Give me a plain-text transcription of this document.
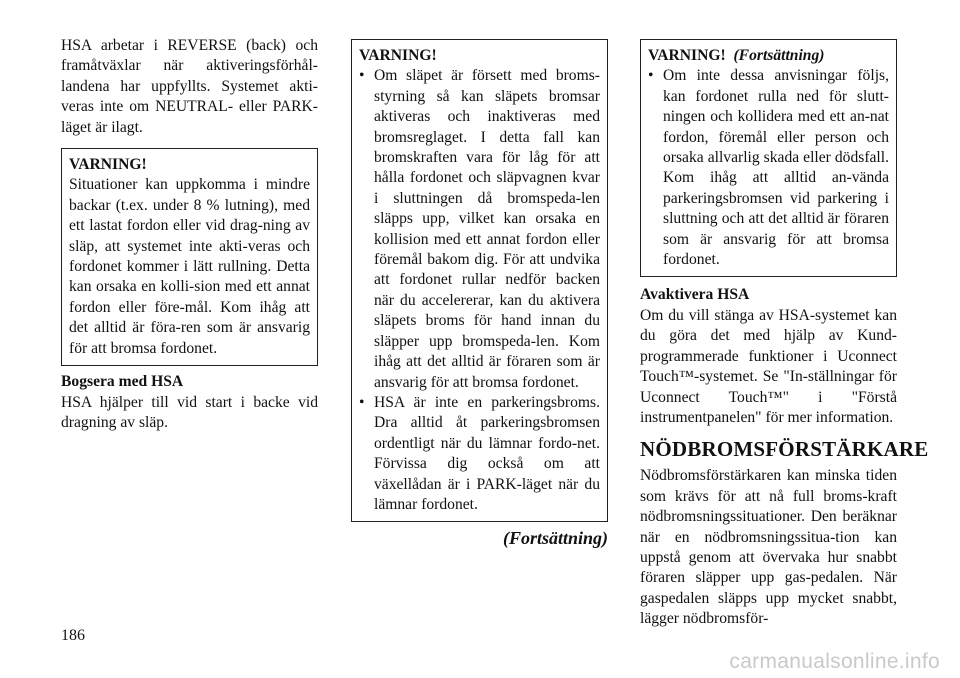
HSA arbetar i REVERSE (back) och framåtväxlar när aktiveringsförhål-landena har uppfyllts. Systemet akti-veras inte om NEUTRAL- eller PARK-läget är ilagt.

VARNING!

Situationer kan uppkomma i mindre backar (t.ex. under 8 % lutning), med ett lastat fordon eller vid drag-ning av släp, att systemet inte akti-veras och fordonet kommer i lätt rullning. Detta kan orsaka en kolli-sion med ett annat fordon eller före-mål. Kom ihåg att det alltid är föra-ren som är ansvarig för att bromsa fordonet.

Bogsera med HSA

HSA hjälper till vid start i backe vid dragning av släp.

VARNING!
• Om släpet är försett med broms-styrning så kan släpets bromsar aktiveras och inaktiveras med bromsreglaget. I detta fall kan bromskraften vara för låg för att hålla fordonet och släpvagnen kvar i sluttningen då bromspeda-len släpps upp, vilket kan orsaka en kollision med ett annat fordon eller föremål bakom dig. För att undvika att fordonet rullar nedför backen när du accelererar, kan du aktivera släpets broms för hand innan du släpper upp bromspeda-len. Kom ihåg att det alltid är föraren som är ansvarig för att bromsa fordonet.
• HSA är inte en parkeringsbroms. Dra alltid åt parkeringsbromsen ordentligt när du lämnar fordo-net. Förvissa dig också om att växellådan är i PARK-läget när du lämnar fordonet.
(Fortsättning)
VARNING! (Fortsättning)
• Om inte dessa anvisningar följs, kan fordonet rulla ned för slutt-ningen och kollidera med ett an-nat fordon, föremål eller person och orsaka allvarlig skada eller dödsfall. Kom ihåg att alltid an-vända parkeringsbromsen vid parkering i sluttning och att det alltid är föraren som är ansvarig för att bromsa fordonet.
Avaktivera HSA

Om du vill stänga av HSA-systemet kan du göra det med hjälp av Kund-programmerade funktioner i Uconnect Touch™-systemet. Se "In-ställningar för Uconnect Touch™" i "Förstå instrumentpanelen" för mer information.

NÖDBROMSFÖRSTÄRKARE

Nödbromsförstärkaren kan minska tiden som krävs för att nå full broms-kraft nödbromsningssituationer. Den beräknar när en nödbromsningssitua-tion kan uppstå genom att övervaka hur snabbt föraren släpper upp gas-pedalen. När gaspedalen släpps upp mycket snabbt, lägger nödbromsför-

186
carmanualsonline.info
